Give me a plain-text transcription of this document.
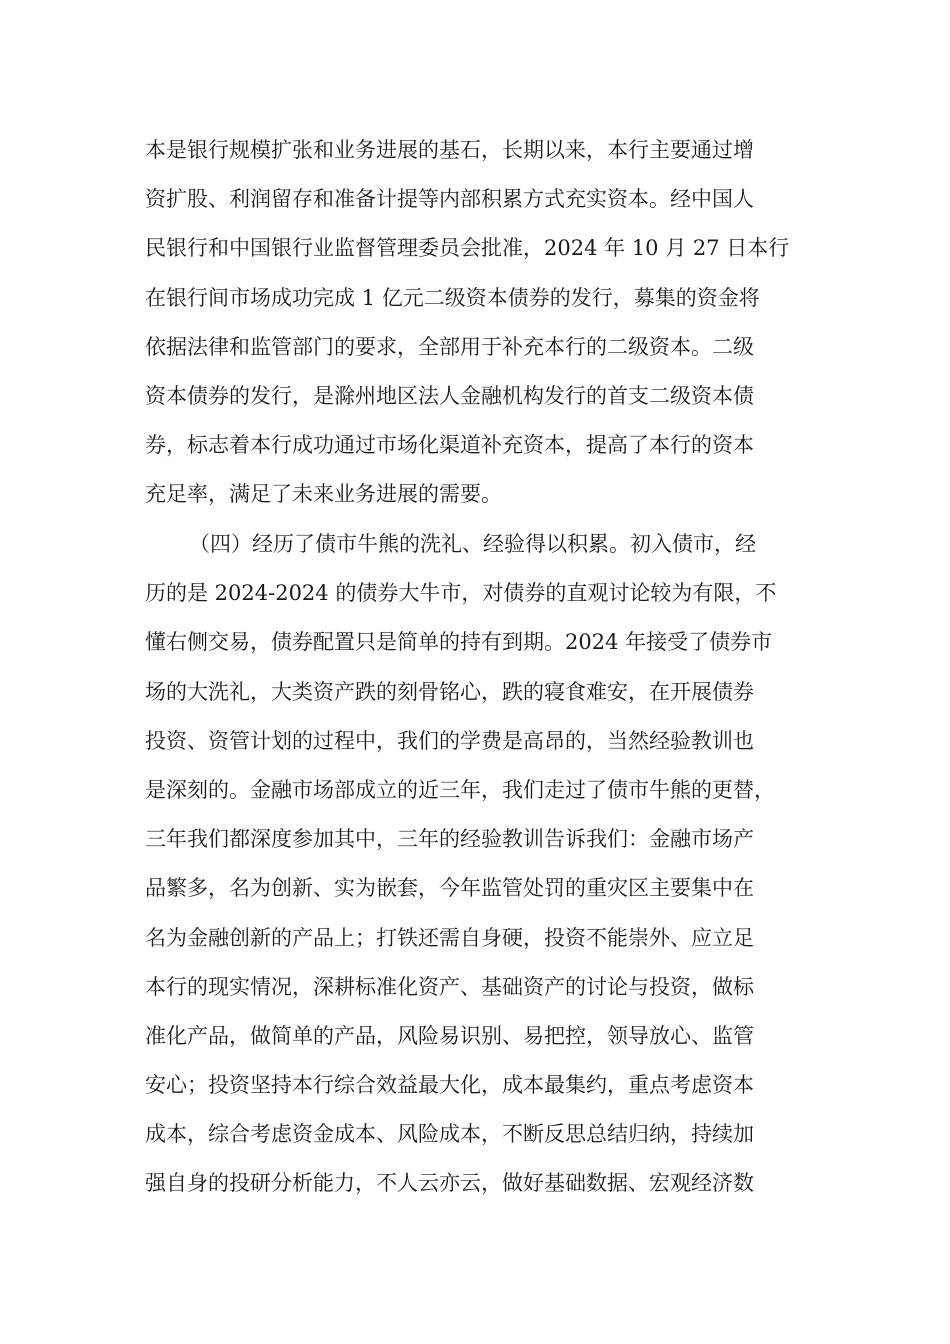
本是银行规模扩张和业务进展的基石，长期以来，本行主要通过增
资扩股、利润留存和准备计提等内部积累方式充实资本。经中国人
民银行和中国银行业监督管理委员会批准，2024 年 10 月 27 日本行
在银行间市场成功完成 1 亿元二级资本债券的发行，募集的资金将
依据法律和监管部门的要求，全部用于补充本行的二级资本。二级
资本债券的发行，是滁州地区法人金融机构发行的首支二级资本债
券，标志着本行成功通过市场化渠道补充资本，提高了本行的资本
充足率，满足了未来业务进展的需要。
（四）经历了债市牛熊的洗礼、经验得以积累。初入债市，经
历的是 2024-2024 的债券大牛市，对债券的直观讨论较为有限，不
懂右侧交易，债券配置只是简单的持有到期。2024 年接受了债券市
场的大洗礼，大类资产跌的刻骨铭心，跌的寝食难安，在开展债券
投资、资管计划的过程中，我们的学费是高昂的，当然经验教训也
是深刻的。金融市场部成立的近三年，我们走过了债市牛熊的更替，
三年我们都深度参加其中，三年的经验教训告诉我们：金融市场产
品繁多，名为创新、实为嵌套，今年监管处罚的重灾区主要集中在
名为金融创新的产品上；打铁还需自身硬，投资不能崇外、应立足
本行的现实情况，深耕标准化资产、基础资产的讨论与投资，做标
准化产品，做简单的产品，风险易识别、易把控，领导放心、监管
安心；投资坚持本行综合效益最大化，成本最集约，重点考虑资本
成本，综合考虑资金成本、风险成本，不断反思总结归纳，持续加
强自身的投研分析能力，不人云亦云，做好基础数据、宏观经济数
